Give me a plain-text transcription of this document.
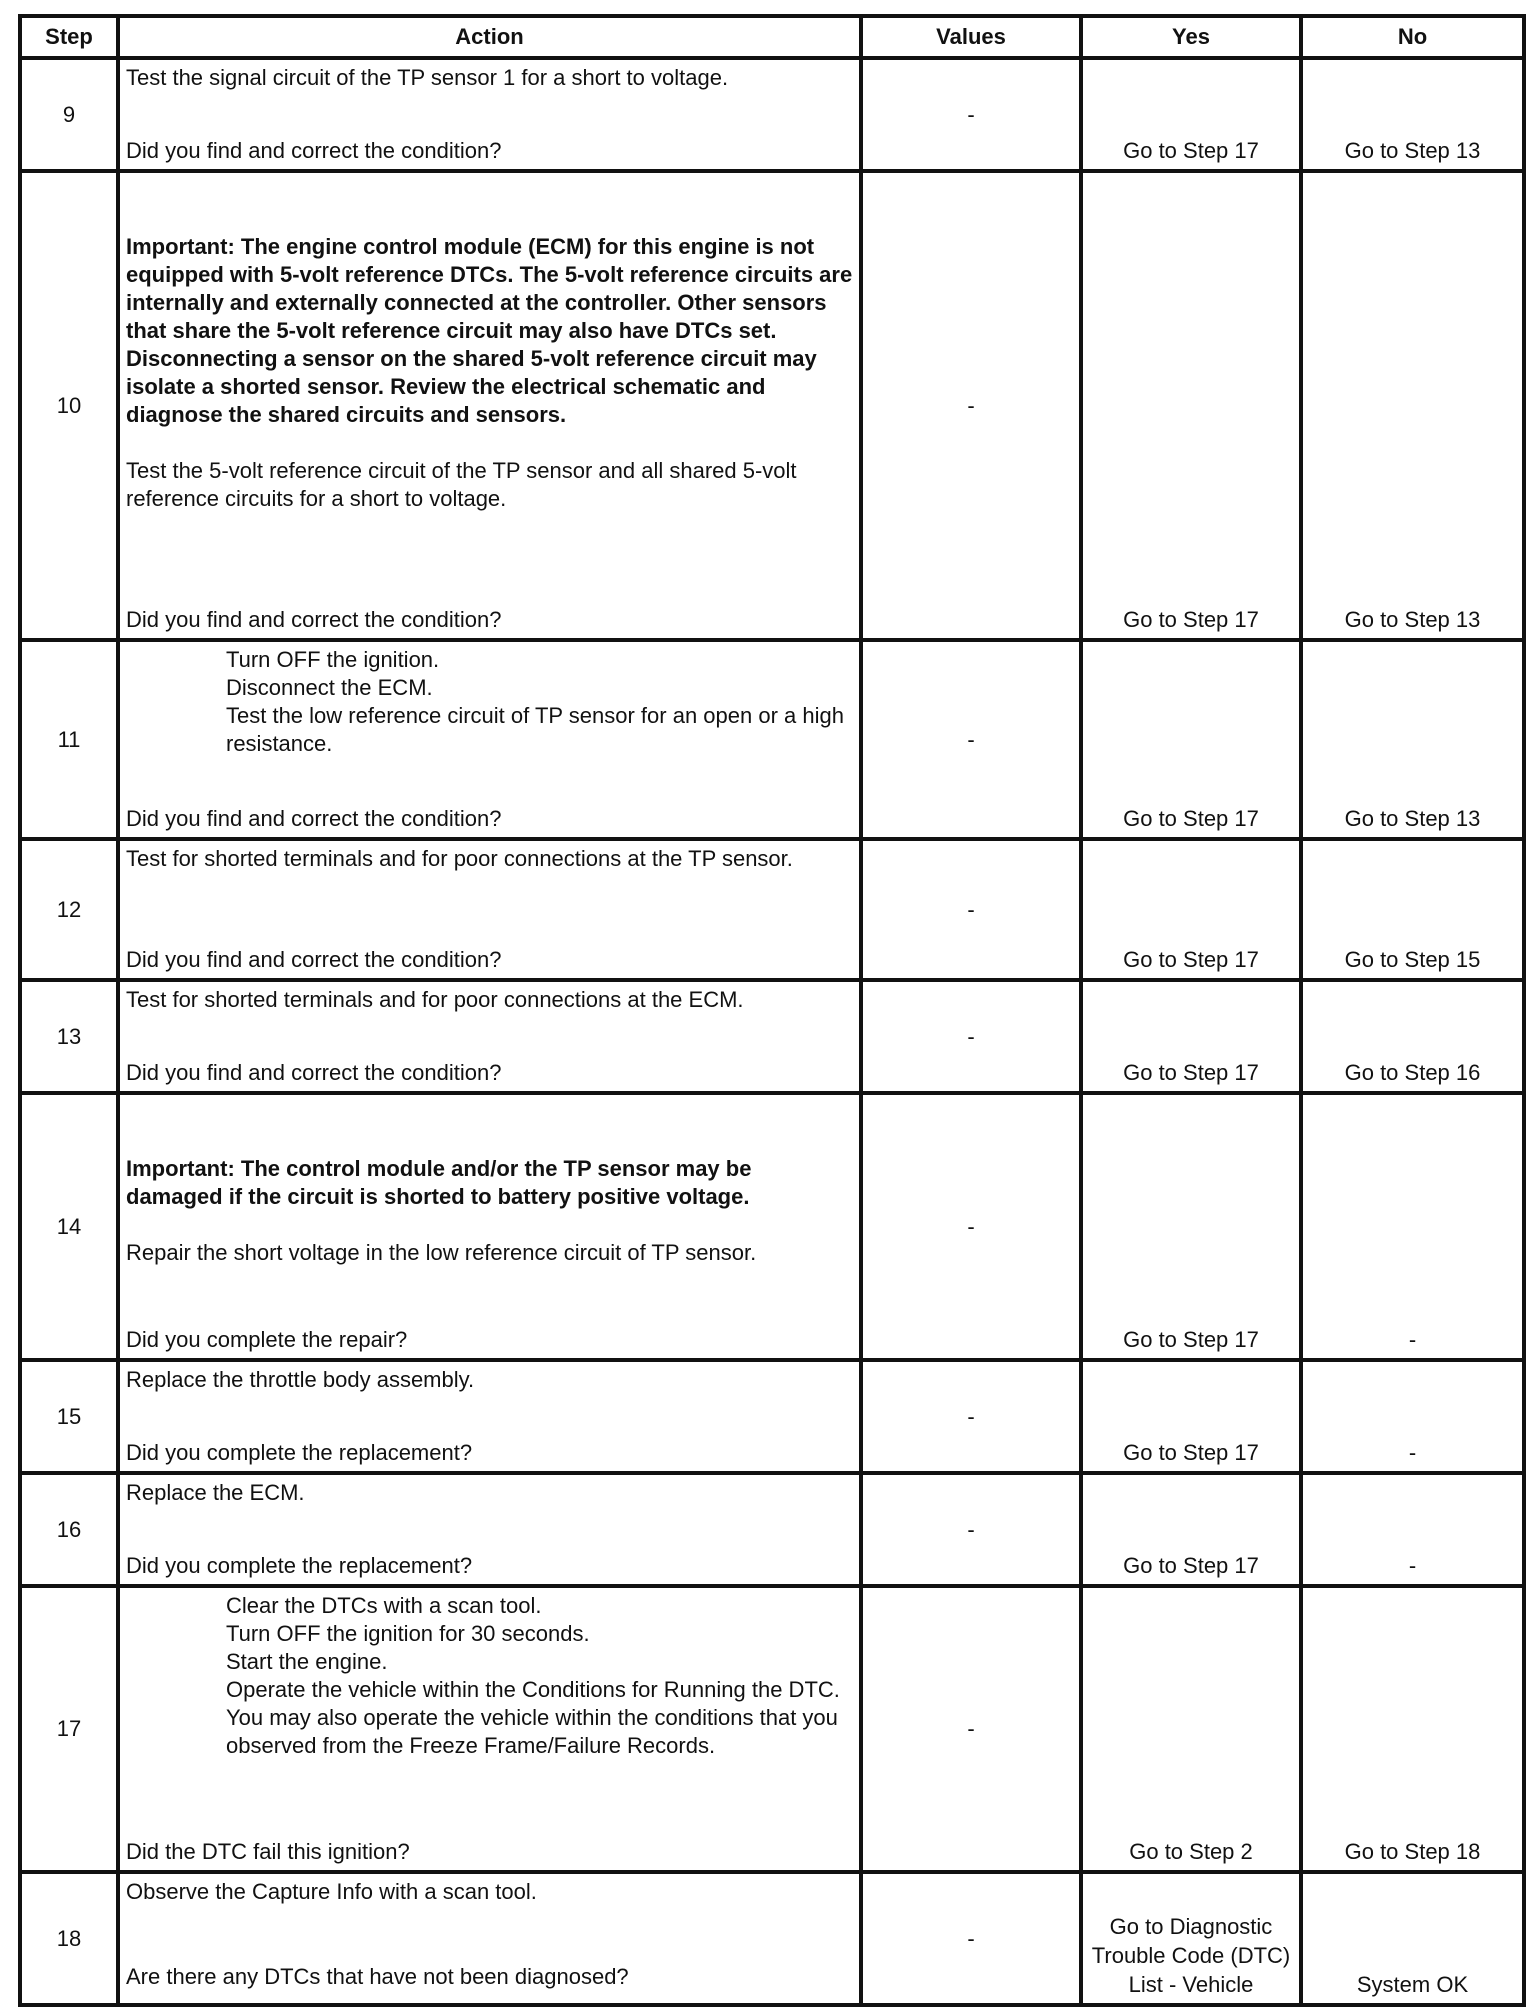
Step	Action	Values	Yes	No
9	Test the signal circuit of the TP sensor 1 for a short to voltage.

Did you find and correct the condition?	-	Go to Step 17	Go to Step 13
10	Important: The engine control module (ECM) for this engine is not equipped with 5-volt reference DTCs. The 5-volt reference circuits are internally and externally connected at the controller. Other sensors that share the 5-volt reference circuit may also have DTCs set. Disconnecting a sensor on the shared 5-volt reference circuit may isolate a shorted sensor. Review the electrical schematic and diagnose the shared circuits and sensors.

Test the 5-volt reference circuit of the TP sensor and all shared 5-volt reference circuits for a short to voltage.

Did you find and correct the condition?	-	Go to Step 17	Go to Step 13
11	Turn OFF the ignition.

Disconnect the ECM.

Test the low reference circuit of TP sensor for an open or a high resistance.

Did you find and correct the condition?	-	Go to Step 17	Go to Step 13
12	Test for shorted terminals and for poor connections at the TP sensor.

Did you find and correct the condition?	-	Go to Step 17	Go to Step 15
13	Test for shorted terminals and for poor connections at the ECM.

Did you find and correct the condition?	-	Go to Step 17	Go to Step 16
14	Important: The control module and/or the TP sensor may be damaged if the circuit is shorted to battery positive voltage.

Repair the short voltage in the low reference circuit of TP sensor.

Did you complete the repair?	-	Go to Step 17	-
15	Replace the throttle body assembly.

Did you complete the replacement?	-	Go to Step 17	-
16	Replace the ECM.

Did you complete the replacement?	-	Go to Step 17	-
17	Clear the DTCs with a scan tool.

Turn OFF the ignition for 30 seconds.

Start the engine.

Operate the vehicle within the Conditions for Running the DTC. You may also operate the vehicle within the conditions that you observed from the Freeze Frame/Failure Records.

Did the DTC fail this ignition?	-	Go to Step 2	Go to Step 18
18	Observe the Capture Info with a scan tool.

Are there any DTCs that have not been diagnosed?	-	Go to Diagnostic Trouble Code (DTC) List - Vehicle	System OK
